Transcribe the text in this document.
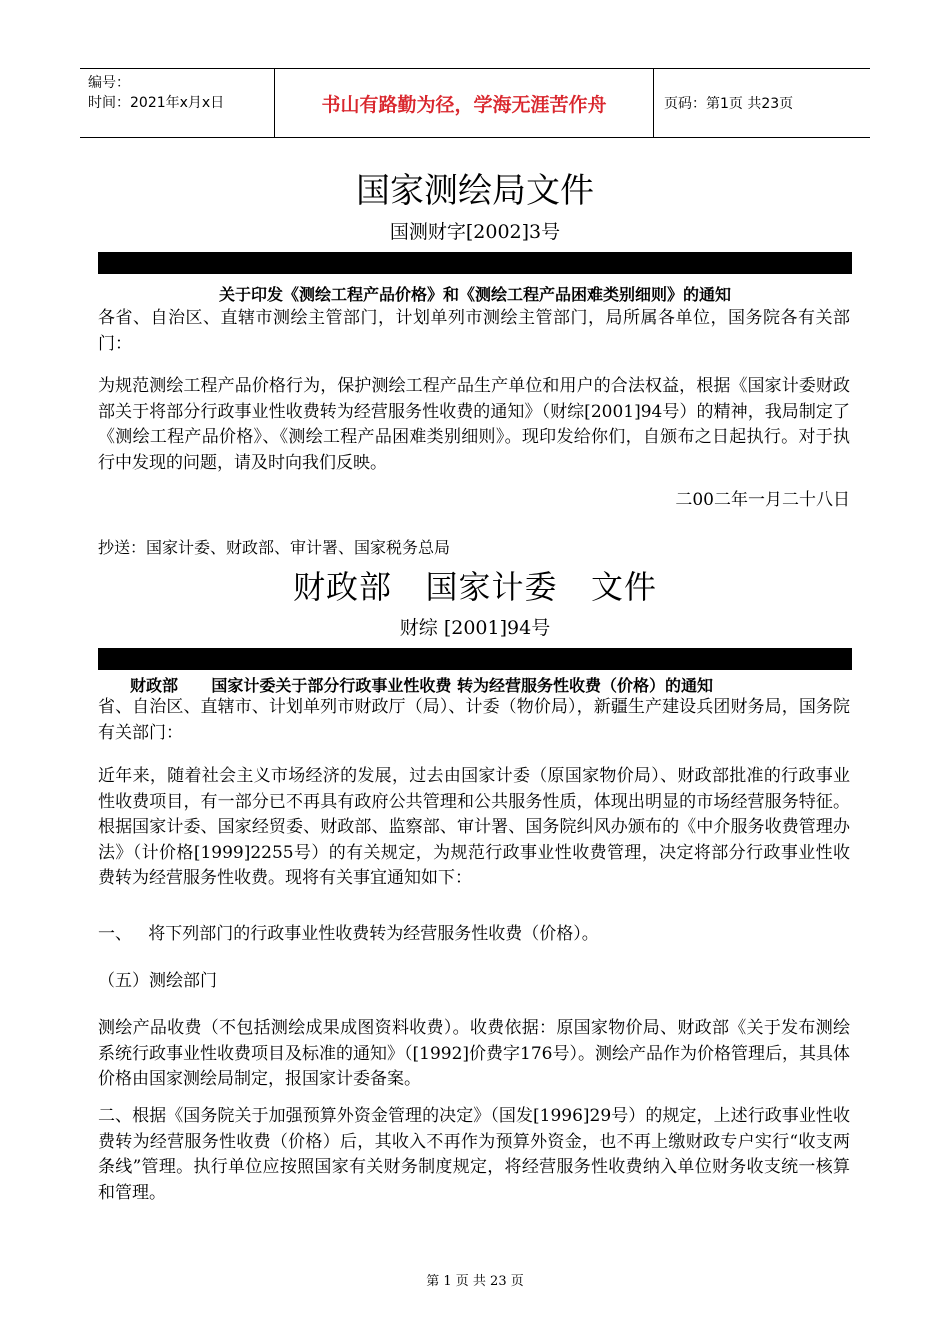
编号：
时间：2021年x月x日	书山有路勤为径，学海无涯苦作舟	页码：第1页 共23页
国家测绘局文件
国测财字[2002]3号
关于印发《测绘工程产品价格》和《测绘工程产品困难类别细则》的通知
各省、自治区、直辖市测绘主管部门，计划单列市测绘主管部门，局所属各单位，国务院各有关部门：
为规范测绘工程产品价格行为，保护测绘工程产品生产单位和用户的合法权益，根据《国家计委财政部关于将部分行政事业性收费转为经营服务性收费的通知》（财综[2001]94号）的精神，我局制定了《测绘工程产品价格》、《测绘工程产品困难类别细则》。现印发给你们，自颁布之日起执行。对于执行中发现的问题，请及时向我们反映。
二00二年一月二十八日
抄送：国家计委、财政部、审计署、国家税务总局
财政部   国家计委   文件
财综 [2001]94号
财政部      国家计委关于部分行政事业性收费 转为经营服务性收费（价格）的通知
省、自治区、直辖市、计划单列市财政厅（局）、计委（物价局），新疆生产建设兵团财务局，国务院有关部门：
近年来，随着社会主义市场经济的发展，过去由国家计委（原国家物价局）、财政部批准的行政事业性收费项目，有一部分已不再具有政府公共管理和公共服务性质，体现出明显的市场经营服务特征。根据国家计委、国家经贸委、财政部、监察部、审计署、国务院纠风办颁布的《中介服务收费管理办法》（计价格[1999]2255号）的有关规定，为规范行政事业性收费管理，决定将部分行政事业性收费转为经营服务性收费。现将有关事宜通知如下：
一、   将下列部门的行政事业性收费转为经营服务性收费（价格）。
（五）测绘部门
测绘产品收费（不包括测绘成果成图资料收费）。收费依据：原国家物价局、财政部《关于发布测绘系统行政事业性收费项目及标准的通知》（[1992]价费字176号）。测绘产品作为价格管理后，其具体价格由国家测绘局制定，报国家计委备案。
二、根据《国务院关于加强预算外资金管理的决定》（国发[1996]29号）的规定，上述行政事业性收费转为经营服务性收费（价格）后，其收入不再作为预算外资金，也不再上缴财政专户实行“收支两条线”管理。执行单位应按照国家有关财务制度规定，将经营服务性收费纳入单位财务收支统一核算和管理。
第 1 页 共 23 页
